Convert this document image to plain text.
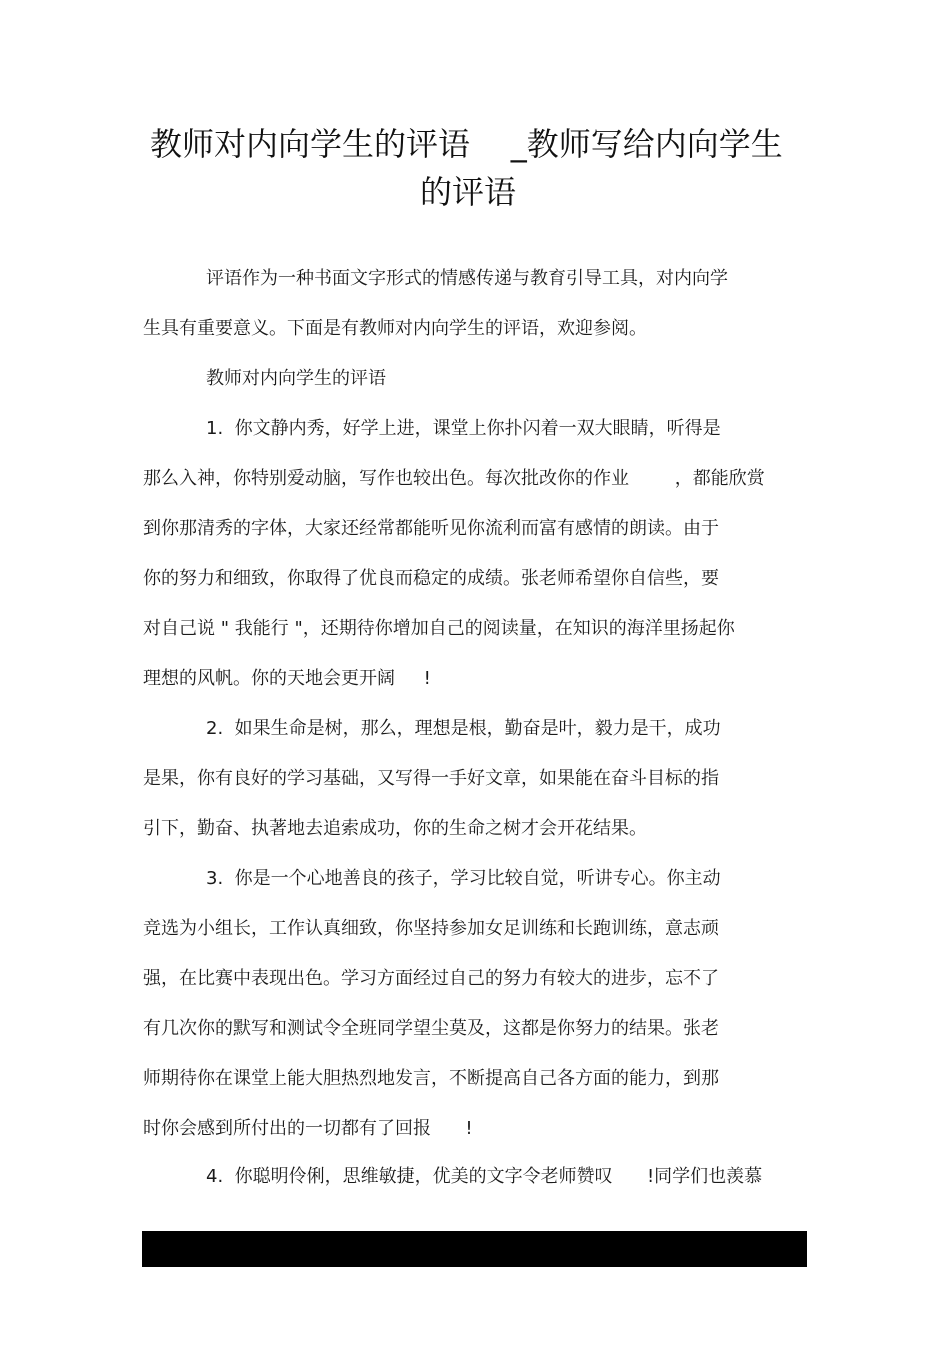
教师对内向学生的评语    _教师写给内向学生
的评语
评语作为一种书面文字形式的情感传递与教育引导工具，对内向学
生具有重要意义。下面是有教师对内向学生的评语，欢迎参阅。
教师对内向学生的评语
1.  你文静内秀，好学上进，课堂上你扑闪着一双大眼睛，听得是
那么入神，你特别爱动脑，写作也较出色。每次批改你的作业        ，都能欣赏
到你那清秀的字体，大家还经常都能听见你流利而富有感情的朗读。由于
你的努力和细致，你取得了优良而稳定的成绩。张老师希望你自信些，要
对自己说 " 我能行 "，还期待你增加自己的阅读量，在知识的海洋里扬起你
理想的风帆。你的天地会更开阔     !
2.  如果生命是树，那么，理想是根，勤奋是叶，毅力是干，成功
是果，你有良好的学习基础，又写得一手好文章，如果能在奋斗目标的指
引下，勤奋、执著地去追索成功，你的生命之树才会开花结果。
3.  你是一个心地善良的孩子，学习比较自觉，听讲专心。你主动
竞选为小组长，工作认真细致，你坚持参加女足训练和长跑训练，意志顽
强，在比赛中表现出色。学习方面经过自己的努力有较大的进步，忘不了
有几次你的默写和测试令全班同学望尘莫及，这都是你努力的结果。张老
师期待你在课堂上能大胆热烈地发言，不断提高自己各方面的能力，到那
时你会感到所付出的一切都有了回报      !
4.  你聪明伶俐，思维敏捷，优美的文字令老师赞叹      !同学们也羡慕
